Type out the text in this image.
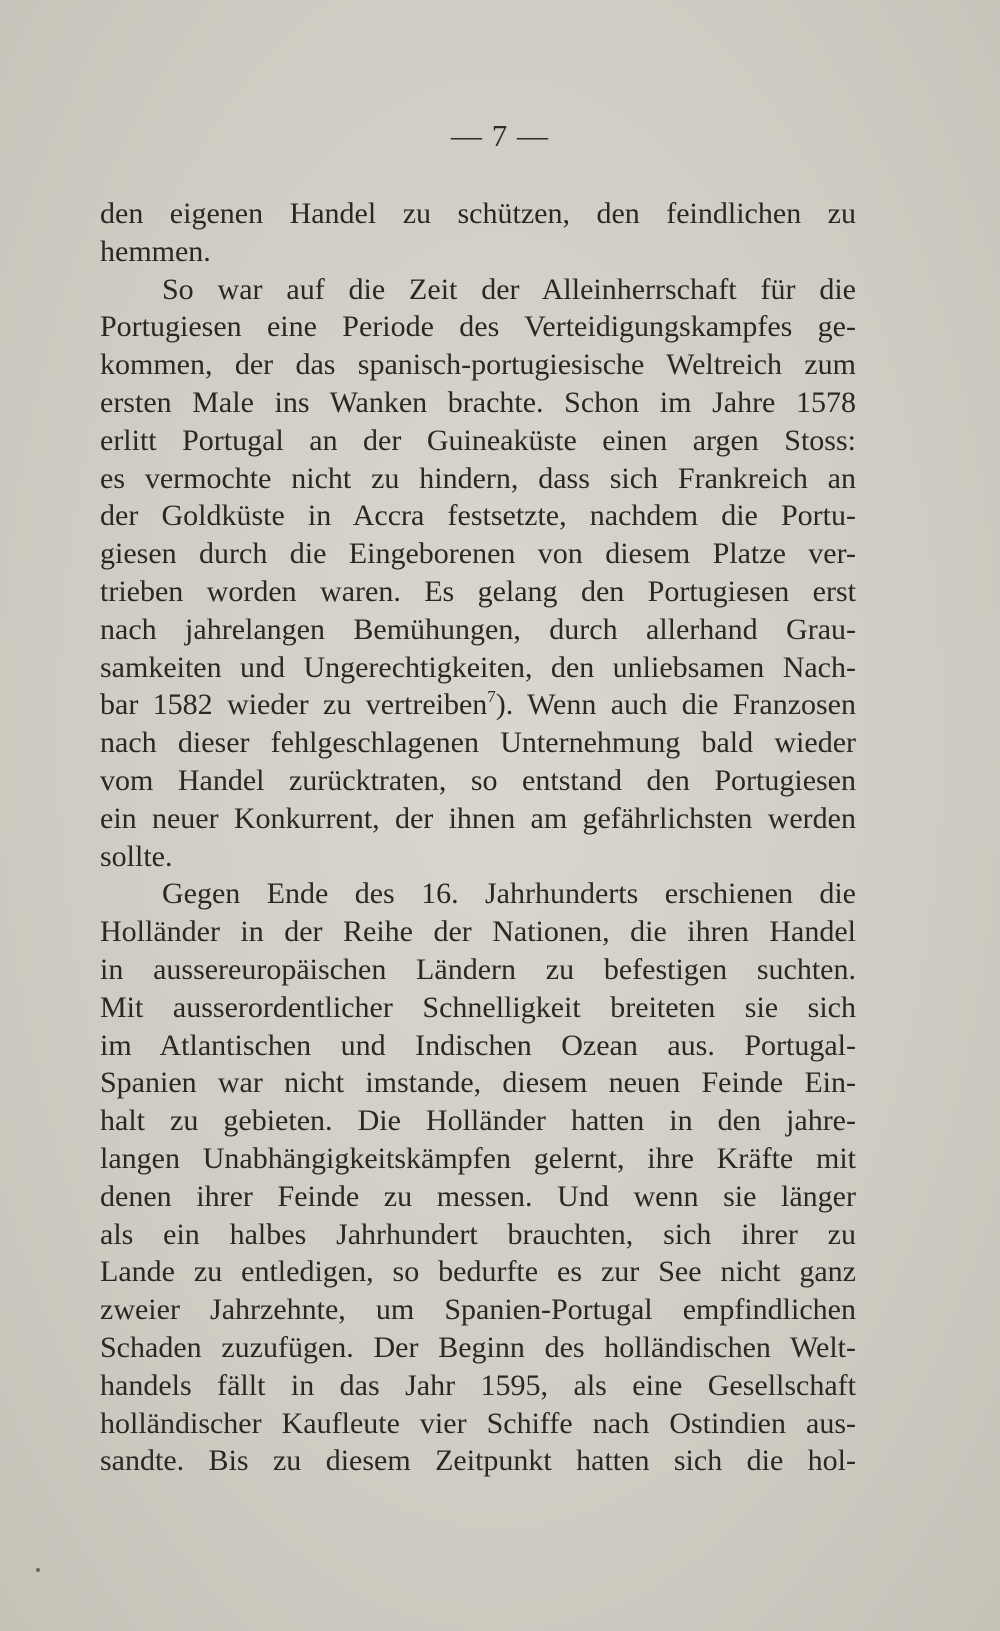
— 7 —
den eigenen Handel zu schützen, den feindlichen zu
hemmen.
So war auf die Zeit der Alleinherrschaft für die
Portugiesen eine Periode des Verteidigungskampfes ge-
kommen, der das spanisch-portugiesische Weltreich zum
ersten Male ins Wanken brachte. Schon im Jahre 1578
erlitt Portugal an der Guineaküste einen argen Stoss:
es vermochte nicht zu hindern, dass sich Frankreich an
der Goldküste in Accra festsetzte, nachdem die Portu-
giesen durch die Eingeborenen von diesem Platze ver-
trieben worden waren. Es gelang den Portugiesen erst
nach jahrelangen Bemühungen, durch allerhand Grau-
samkeiten und Ungerechtigkeiten, den unliebsamen Nach-
bar 1582 wieder zu vertreiben$^7$). Wenn auch die Franzosen
nach dieser fehlgeschlagenen Unternehmung bald wieder
vom Handel zurücktraten, so entstand den Portugiesen
ein neuer Konkurrent, der ihnen am gefährlichsten werden
sollte.
Gegen Ende des 16. Jahrhunderts erschienen die
Holländer in der Reihe der Nationen, die ihren Handel
in aussereuropäischen Ländern zu befestigen suchten.
Mit ausserordentlicher Schnelligkeit breiteten sie sich
im Atlantischen und Indischen Ozean aus. Portugal-
Spanien war nicht imstande, diesem neuen Feinde Ein-
halt zu gebieten. Die Holländer hatten in den jahre-
langen Unabhängigkeitskämpfen gelernt, ihre Kräfte mit
denen ihrer Feinde zu messen. Und wenn sie länger
als ein halbes Jahrhundert brauchten, sich ihrer zu
Lande zu entledigen, so bedurfte es zur See nicht ganz
zweier Jahrzehnte, um Spanien-Portugal empfindlichen
Schaden zuzufügen. Der Beginn des holländischen Welt-
handels fällt in das Jahr 1595, als eine Gesellschaft
holländischer Kaufleute vier Schiffe nach Ostindien aus-
sandte. Bis zu diesem Zeitpunkt hatten sich die hol-
